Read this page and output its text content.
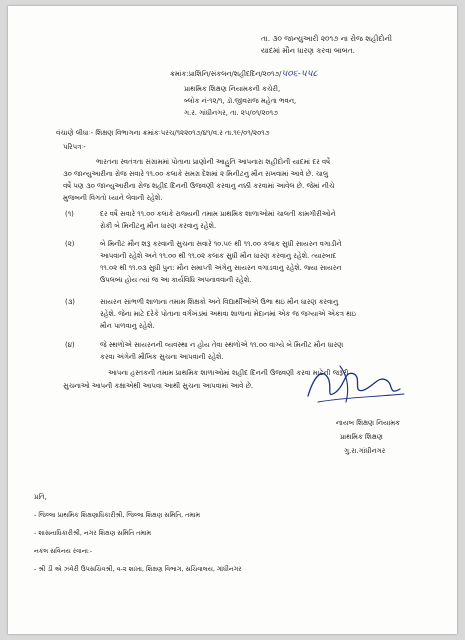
તા. ૩૦ જાન્યુઆરી ૨૦૧૭ ના રોજ શહીદોની
યાદમાં મૌન ધારણ કરવા બાબત.
ક્રમાંક:પ્રાશિનિ/સંકલન/શહીદદિન/૨૦૧૭/૫૦૬-૫૫૮
પ્રાથમિક શિક્ષણ નિયામકની કચેરી,
બ્લોક નં-૧૨/૧, ડૉ.જીવરાજ મહેતા ભવન,
ગ.ર. ગાંધીનગર, તા. ૨૫/૦૧/૨૦૧૭
વંચાણે લીધાઃ- શિક્ષણ વિભાગના ક્રમાંકઃપરચ/૧૨૨૦૧૭/૪૧/વ.ર તા.૧૯/૦૧/૨૦૧૭
પરિપત્રઃ-
ભારતના સ્વતંત્રતા સંગ્રામમાં પોતાના પ્રાણોની આહુતિ આપનારા શહીદોની યાદમાં દર વર્ષે
૩૦ જાન્યુઆરીના રોજ સવારે ૧૧.૦૦ કલાકે સમગ્ર દેશમાં ૨ મિનીટનુ મૌન રાખવામાં આવે છે. ચાલુ
વર્ષે પણ ૩૦ જાન્યુઆરીના રોજ શહીદ દિનની ઉજવણી કરવાનુ નક્કી કરવામાં આવેલ છે. જેમાં નીચે
મુજબની વિગતો ધ્યાને લેવાની રહેશે.
(૧)	દર વર્ષે સવારે ૧૧.૦૦ કલાકે રાજ્યની તમામ પ્રાથમિક શાળાઓમાં ચાલતી કામગીરીઓને
રોકી બે મિનીટનુ મૌન ધારણ કરવાનુ રહેશે.
(૨)	બે મિનીટ મૌન શરૂ કરવાની સુચના સવારે ૧૦.૫૯ થી ૧૧.૦૦ કલાક સુધી સાયરન વગાડીને
આપવાની રહેશે અને ૧૧.૦૦ થી ૧૧.૦૨ કલાક સુધી મૌન ધારણ કરવાનુ રહેશે. ત્યારબાદ
૧૧.૦૨ થી ૧૧.૦૩ સુધી પુન: મૌન સમાપ્તી અંગેનુ સાયરન વગાડવાનુ રહેશે. જ્યા સાયરન
ઉપલબ્ધ હોય ત્યાં જ આ કાર્યવિધિ અપનાવવાની રહેશે.
(૩)	સાયરન સાંભળી શાળાના તમામ શિક્ષકો અને વિદ્યાર્થીઓએ ઉભા થઇ મૌન ધારણ કરવાનુ
રહેશે. જેના માટે દરેકે પોતાના વર્ગખંડમાં અથવા શાળાના મેદાનમાં એક જ જગ્યાએ એકત્ર થઇ
મૌન પાળવાનુ રહેશે.
(૪)	જે સ્થળોએ સાયરનની વ્યવસ્થા ન હોય તેવા સ્થળોએ ૧૧.૦૦ વાગ્યે બે મિનીટ મૌન ધારણ
કરવા અંગેની મૌખિક સુચના આપવાની રહેશે.
આપના હસ્તકની તમામ પ્રાથમિક શાળાઓમાં શહીદ દિનની ઉજવણી કરવા માટેની જરૂરી
સુચનાઓ આપની કક્ષાએથી આપવા આથી સુચના આપવામાં આવે છે.
નાયબ શિક્ષણ નિયામક
પ્રાથમિક શિક્ષણ
ગુ.રા.ગાંધીનગર
પ્રતિ,
- જિલ્લા પ્રાથમિક શિક્ષણાધિકારીશ્રી, જિલ્લા શિક્ષણ સમિતિ, તમામ
- શાસનાધિકારીશ્રી, નગર શિક્ષણ સમિતિ તમામ
નકલ સવિનય રવાનાઃ-
- શ્રી ડી એ ઝવેરી ઉપસચિવશ્રી, વ-૨ શાખા, શિક્ષણ વિભાગ, સચિવાલય, ગાંધીનગર
